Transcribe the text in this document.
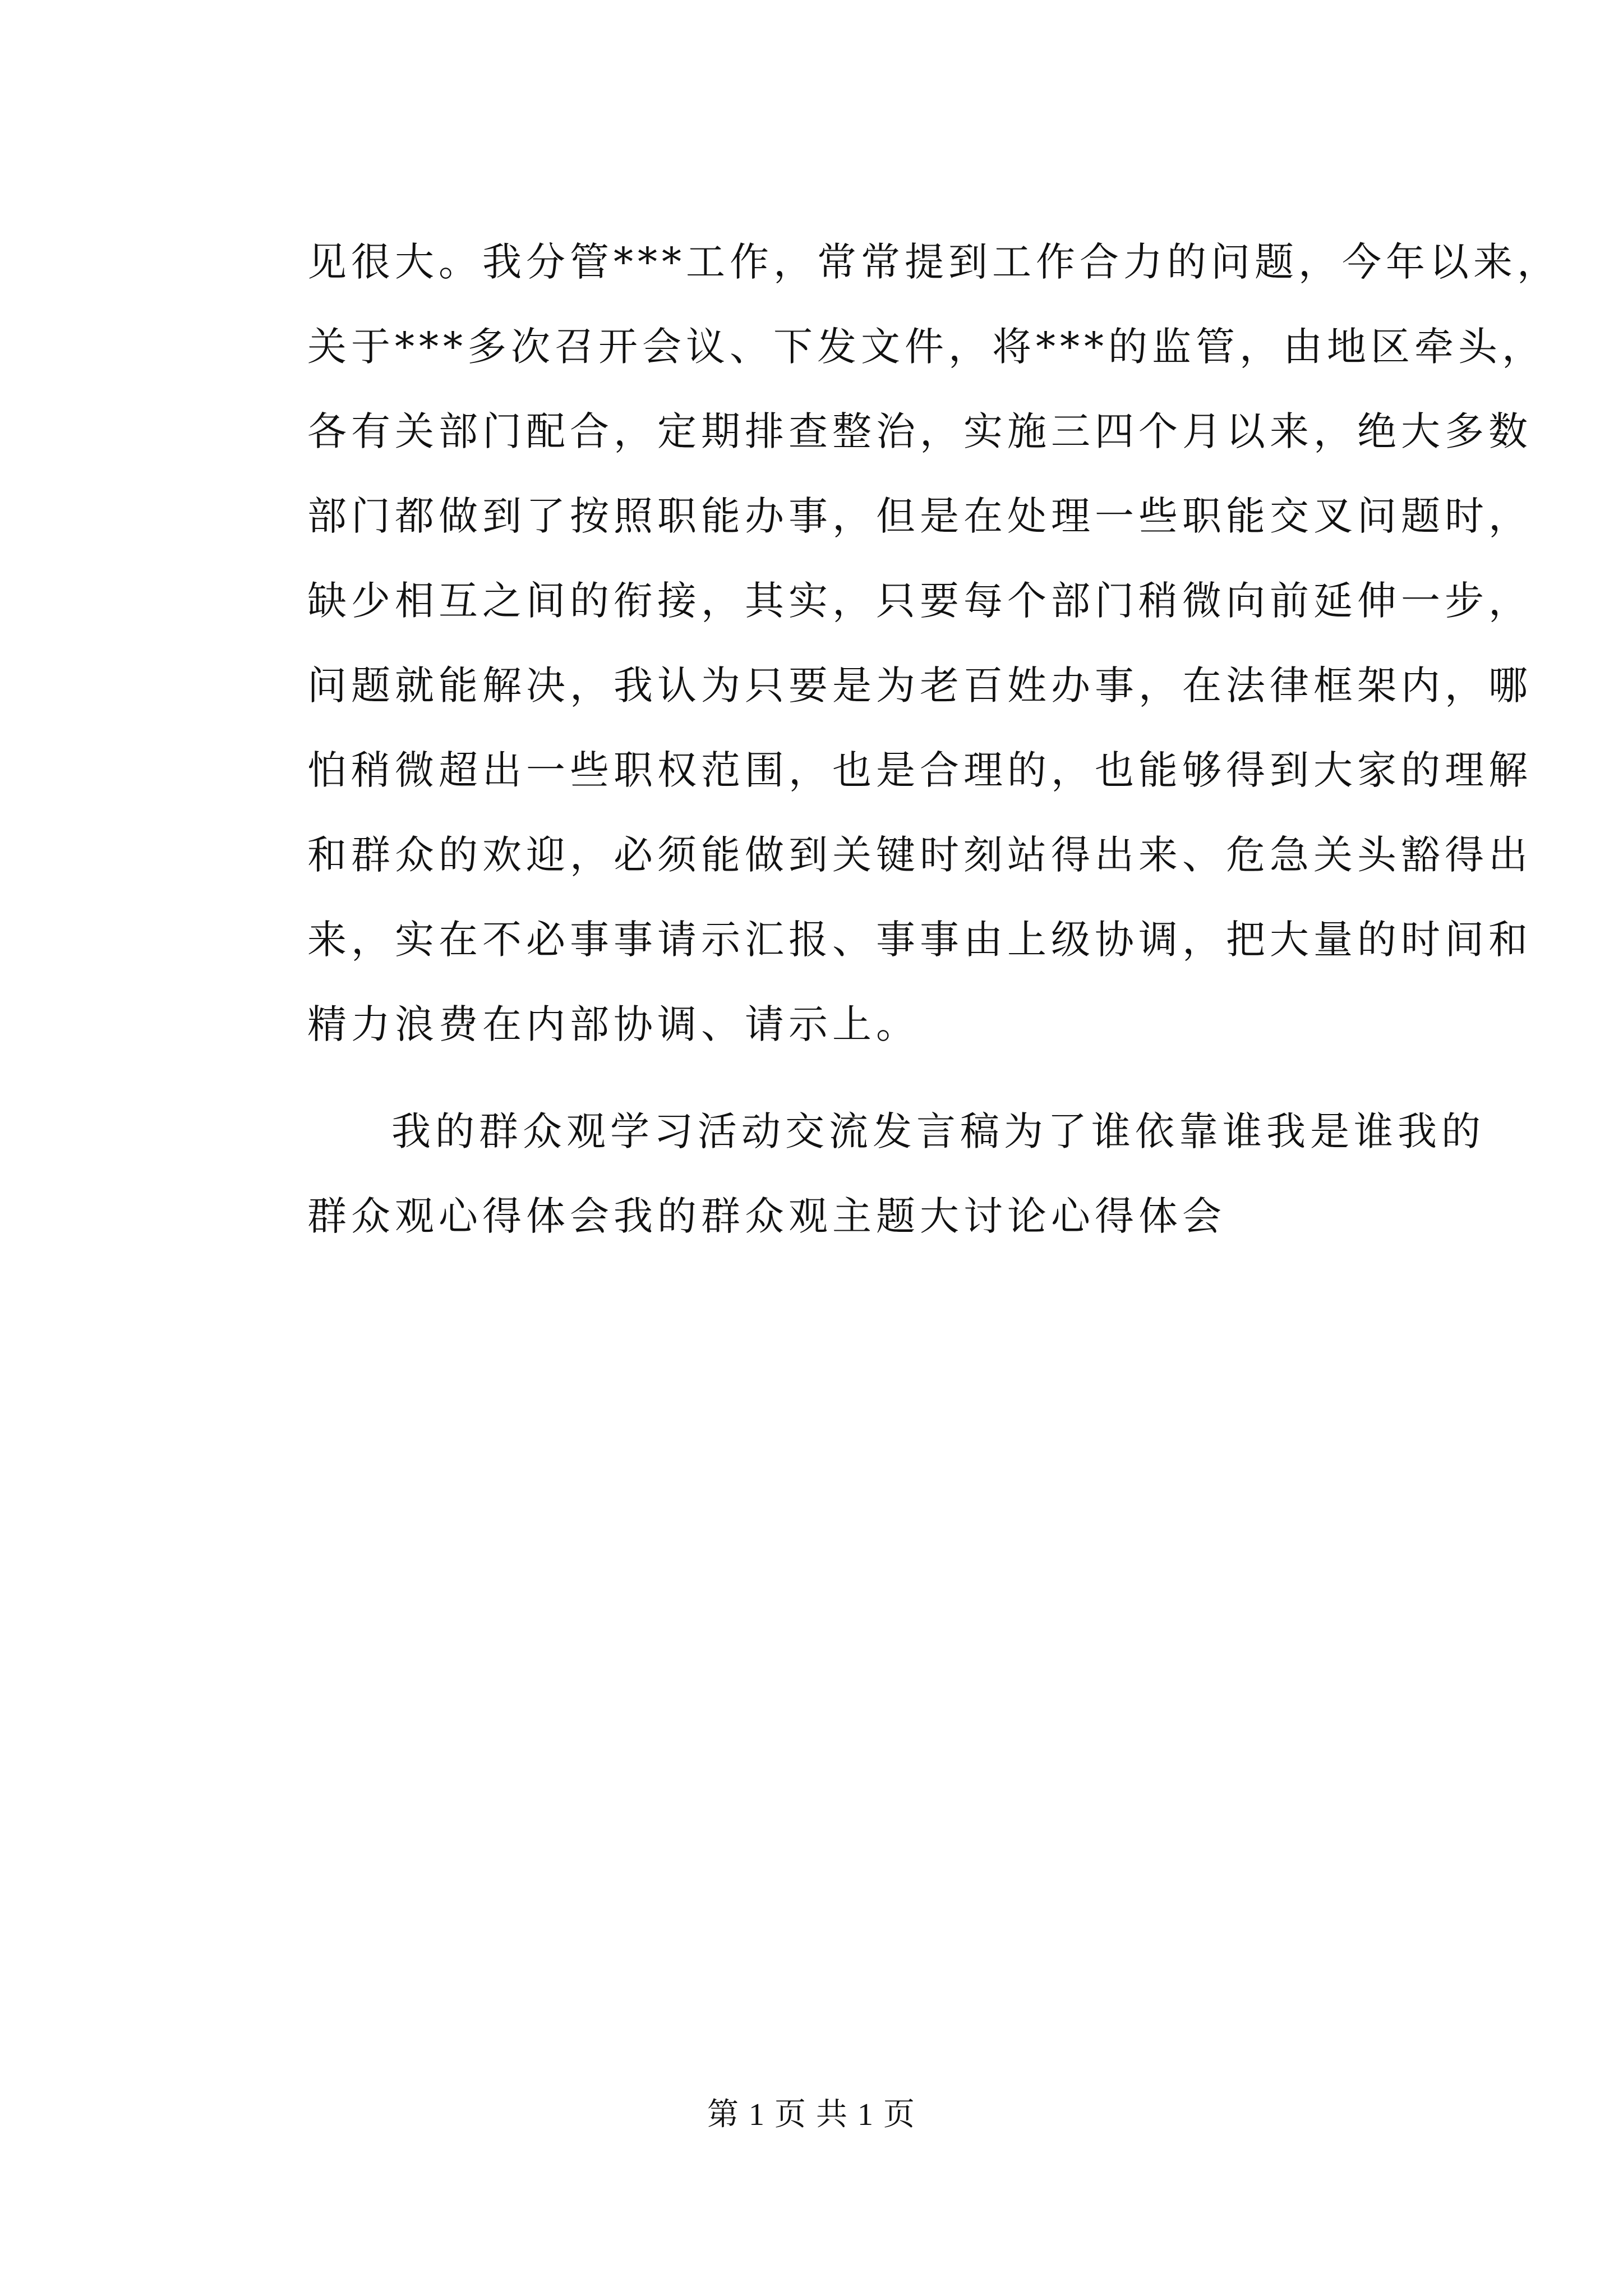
见很大。我分管***工作，常常提到工作合力的问题，今年以来，
关于***多次召开会议、下发文件，将***的监管，由地区牵头，
各有关部门配合，定期排查整治，实施三四个月以来，绝大多数
部门都做到了按照职能办事，但是在处理一些职能交叉问题时，
缺少相互之间的衔接，其实，只要每个部门稍微向前延伸一步，
问题就能解决，我认为只要是为老百姓办事，在法律框架内，哪
怕稍微超出一些职权范围，也是合理的，也能够得到大家的理解
和群众的欢迎，必须能做到关键时刻站得出来、危急关头豁得出
来，实在不必事事请示汇报、事事由上级协调，把大量的时间和
精力浪费在内部协调、请示上。
我的群众观学习活动交流发言稿为了谁依靠谁我是谁我的
群众观心得体会我的群众观主题大讨论心得体会
第 1 页 共 1 页
